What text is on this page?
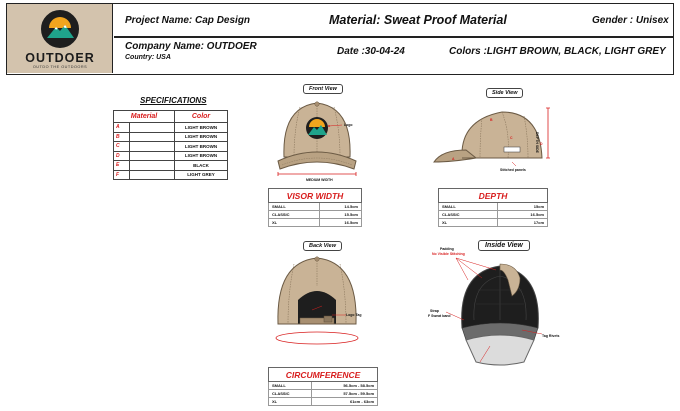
OUTDOER
OUTDO THE OUTDOORS
Project Name: Cap Design	Material: Sweat Proof Material	Gender : Unisex
Company Name: OUTDOER
Country: USA
Date :30-04-24	Colors :LIGHT BROWN, BLACK, LIGHT GREY
SPECIFICATIONS
Material		Color
A		LIGHT BROWN
B		LIGHT BROWN
C		LIGHT BROWN
D		LIGHT BROWN
E		BLACK
F		LIGHT GREY
Front View
Logo
MEDIUM WIDTH
Side View
A
B
C
D
DEPTH SIDE
Stitched panels
VISOR WIDTH	
SMALL	14.5cm
CLASSIC	15.5cm
XL	16.5cm
DEPTH	
SMALL	15cm
CLASSIC	16.5cm
XL	17cm
Back View
Logo Tag
CIRCUMFERENCE	
SMALL	56.5cm - 58.5cm
CLASSIC	57.5cm - 59.5cm
XL	61cm - 63cm
Inside View
Padding
No Visible Stitching
Strap
F Sweat band
Tag Rivets
